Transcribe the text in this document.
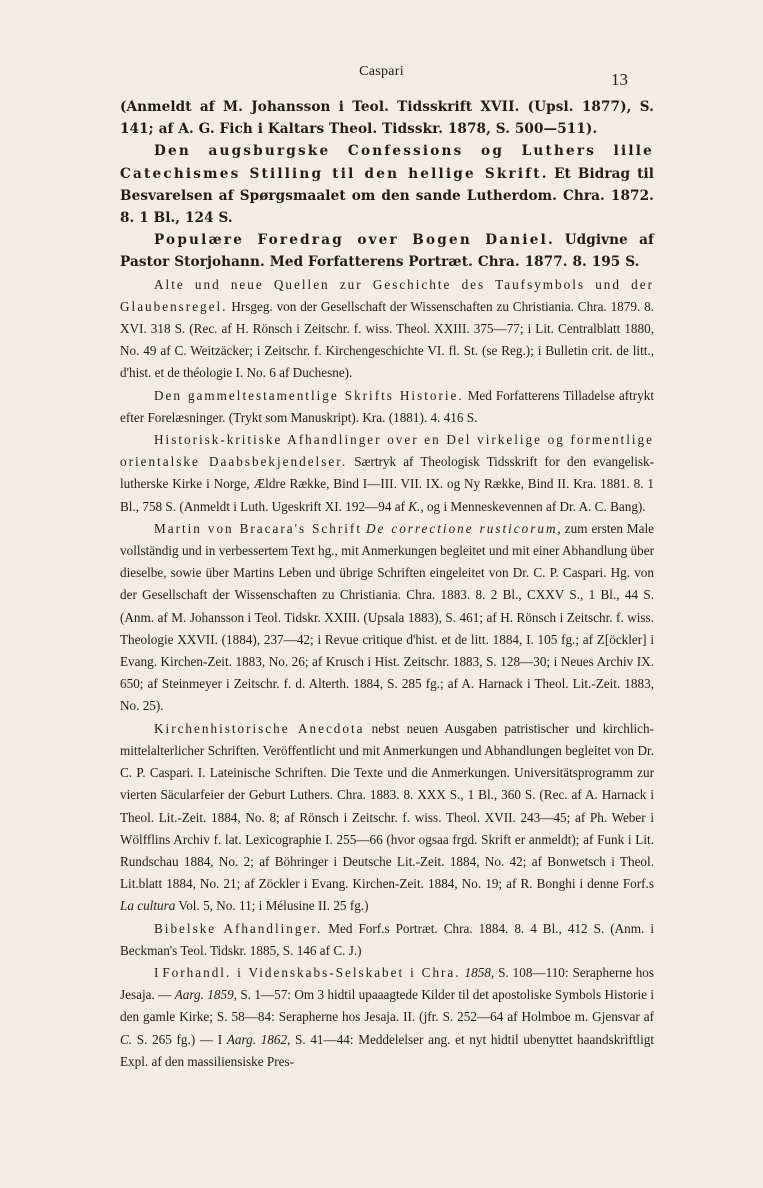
Caspari	13

(Anmeldt af M. Johansson i Teol. Tidsskrift XVII. (Upsl. 1877), S. 141; af A. G. Fich i Kaltars Theol. Tidsskr. 1878, S. 500—511).

Den augsburgske Confessions og Luthers lille Catechismes Stilling til den hellige Skrift. Et Bidrag til Besvarelsen af Spørgsmaalet om den sande Lutherdom. Chra. 1872. 8. 1 Bl., 124 S.

Populære Foredrag over Bogen Daniel. Udgivne af Pastor Storjohann. Med Forfatterens Portræt. Chra. 1877. 8. 195 S.

Alte und neue Quellen zur Geschichte des Taufsymbols und der Glaubensregel. Hrsgeg. von der Gesellschaft der Wissenschaften zu Christiania. Chra. 1879. 8. XVI. 318 S. (Rec. af H. Rönsch i Zeitschr. f. wiss. Theol. XXIII. 375—77; i Lit. Centralblatt 1880, No. 49 af C. Weitzäcker; i Zeitschr. f. Kirchengeschichte VI. fl. St. (se Reg.); i Bulletin crit. de litt., d'hist. et de théologie I. No. 6 af Duchesne).

Den gammeltestamentlige Skrifts Historie. Med Forfatterens Tilladelse aftrykt efter Forelæsninger. (Trykt som Manuskript). Kra. (1881). 4. 416 S.

Historisk-kritiske Afhandlinger over en Del virkelige og formentlige orientalske Daabsbekjendelser. Særtryk af Theologisk Tidsskrift for den evangelisk-lutherske Kirke i Norge, Ældre Række, Bind I—III. VII. IX. og Ny Række, Bind II. Kra. 1881. 8. 1 Bl., 758 S. (Anmeldt i Luth. Ugeskrift XI. 192—94 af K., og i Menneskevennen af Dr. A. C. Bang).

Martin von Bracara's Schrift De correctione rusticorum, zum ersten Male vollständig und in verbessertem Text hg., mit Anmerkungen begleitet und mit einer Abhandlung über dieselbe, sowie über Martins Leben und übrige Schriften eingeleitet von Dr. C. P. Caspari. Hg. von der Gesellschaft der Wissenschaften zu Christiania. Chra. 1883. 8. 2 Bl., CXXV S., 1 Bl., 44 S. (Anm. af M. Johansson i Teol. Tidskr. XXIII. (Upsala 1883), S. 461; af H. Rönsch i Zeitschr. f. wiss. Theologie XXVII. (1884), 237—42; i Revue critique d'hist. et de litt. 1884, I. 105 fg.; af Z[öckler] i Evang. Kirchen-Zeit. 1883, No. 26; af Krusch i Hist. Zeitschr. 1883, S. 128—30; i Neues Archiv IX. 650; af Steinmeyer i Zeitschr. f. d. Alterth. 1884, S. 285 fg.; af A. Harnack i Theol. Lit.-Zeit. 1883, No. 25).

Kirchenhistorische Anecdota nebst neuen Ausgaben patristischer und kirchlich-mittelalterlicher Schriften. Veröffentlicht und mit Anmerkungen und Abhandlungen begleitet von Dr. C. P. Caspari. I. Lateinische Schriften. Die Texte und die Anmerkungen. Universitätsprogramm zur vierten Säcularfeier der Geburt Luthers. Chra. 1883. 8. XXX S., 1 Bl., 360 S. (Rec. af A. Harnack i Theol. Lit.-Zeit. 1884, No. 8; af Rönsch i Zeitschr. f. wiss. Theol. XVII. 243—45; af Ph. Weber i Wölfflins Archiv f. lat. Lexicographie I. 255—66 (hvor ogsaa frgd. Skrift er anmeldt); af Funk i Lit. Rundschau 1884, No. 2; af Böhringer i Deutsche Lit.-Zeit. 1884, No. 42; af Bonwetsch i Theol. Lit.blatt 1884, No. 21; af Zöckler i Evang. Kirchen-Zeit. 1884, No. 19; af R. Bonghi i denne Forf.s La cultura Vol. 5, No. 11; i Mélusine II. 25 fg.)

Bibelske Afhandlinger. Med Forf.s Portræt. Chra. 1884. 8. 4 Bl., 412 S. (Anm. i Beckman's Teol. Tidskr. 1885, S. 146 af C. J.)

I Forhandl. i Videnskabs-Selskabet i Chra. 1858, S. 108—110: Serapherne hos Jesaja. — Aarg. 1859, S. 1—57: Om 3 hidtil upaaagtede Kilder til det apostoliske Symbols Historie i den gamle Kirke; S. 58—84: Serapherne hos Jesaja. II. (jfr. S. 252—64 af Holmboe m. Gjensvar af C. S. 265 fg.) — I Aarg. 1862, S. 41—44: Meddelelser ang. et nyt hidtil ubenyttet haandskriftligt Expl. af den massiliensiske Pres-
